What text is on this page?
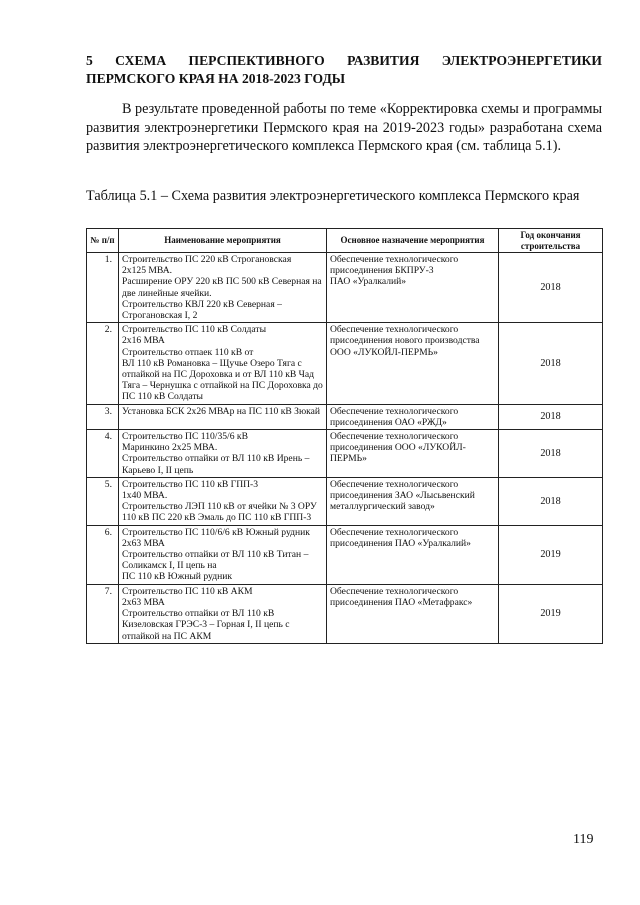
5 СХЕМА ПЕРСПЕКТИВНОГО РАЗВИТИЯ ЭЛЕКТРОЭНЕРГЕТИКИ
ПЕРМСКОГО КРАЯ НА 2018-2023 ГОДЫ

В результате проведенной работы по теме «Корректировка схемы и программы развития электроэнергетики Пермского края на 2019-2023 годы» разработана схема развития электроэнергетического комплекса Пермского края (см. таблица 5.1).

Таблица 5.1 – Схема развития электроэнергетического комплекса Пермского края

№ п/п	Наименование мероприятия	Основное назначение мероприятия	Год окончания строительства
1.	Строительство ПС 220 кВ Строгановская
2х125 МВА.
Расширение ОРУ 220 кВ ПС 500 кВ Северная на две линейные ячейки.
Строительство КВЛ 220 кВ Северная – Строгановская I, 2	Обеспечение технологического присоединения БКПРУ-3
ПАО «Уралкалий»	2018
2.	Строительство ПС 110 кВ Солдаты
2х16 МВА
Строительство отпаек 110 кВ от
ВЛ 110 кВ Романовка – Щучье Озеро Тяга с отпайкой на ПС Дороховка и от ВЛ 110 кВ Чад Тяга – Чернушка с отпайкой на ПС Дороховка до ПС 110 кВ Солдаты	Обеспечение технологического присоединения нового производства ООО «ЛУКОЙЛ-ПЕРМЬ»	2018
3.	Установка БСК 2х26 МВАр на ПС 110 кВ Зюкай	Обеспечение технологического присоединения ОАО «РЖД»	2018
4.	Строительство ПС 110/35/6 кВ
Маринкино 2х25 МВА.
Строительство отпайки от ВЛ 110 кВ Ирень –Карьево I, II цепь	Обеспечение технологического присоединения ООО «ЛУКОЙЛ-ПЕРМЬ»	2018
5.	Строительство ПС 110 кВ ГПП-3
1х40 МВА.
Строительство ЛЭП 110 кВ от ячейки № 3 ОРУ 110 кВ ПС 220 кВ Эмаль до ПС 110 кВ ГПП-3	Обеспечение технологического присоединения ЗАО «Лысьвенский металлургический завод»	2018
6.	Строительство ПС 110/6/6 кВ Южный рудник 2х63 МВА
Строительство отпайки от ВЛ 110 кВ Титан – Соликамск I, II цепь на
ПС 110 кВ Южный рудник	Обеспечение технологического присоединения ПАО «Уралкалий»	2019
7.	Строительство ПС 110 кВ АКМ
2х63 МВА
Строительство отпайки от ВЛ 110 кВ Кизеловская ГРЭС-3 – Горная I, II цепь с отпайкой на ПС АКМ	Обеспечение технологического присоединения ПАО «Метафракс»	2019

119
